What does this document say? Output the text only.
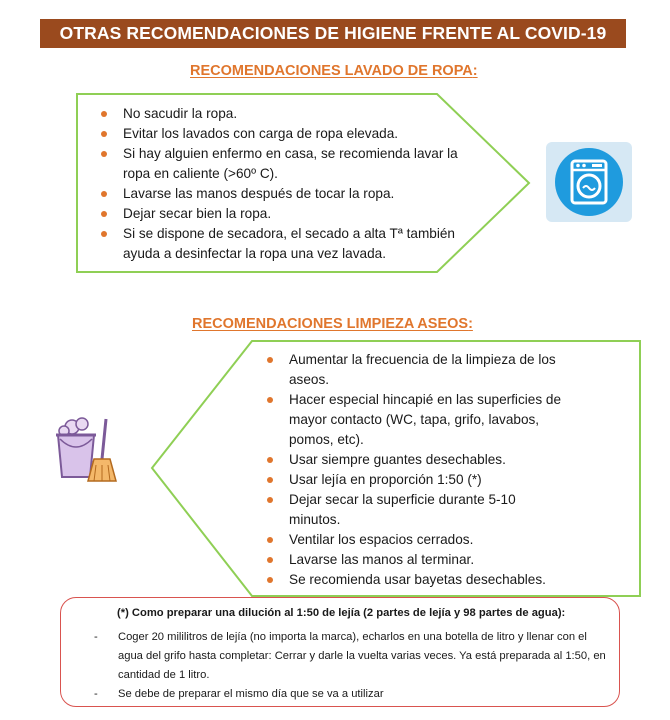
OTRAS RECOMENDACIONES DE HIGIENE FRENTE AL COVID-19
RECOMENDACIONES LAVADO DE ROPA:
No sacudir la ropa.
Evitar los lavados con carga de ropa elevada.
Si hay alguien enfermo en casa, se recomienda lavar la ropa en caliente (>60º C).
Lavarse las manos después de tocar la ropa.
Dejar secar bien la ropa.
Si se dispone de secadora, el secado a alta Tª también ayuda a desinfectar la ropa una vez lavada.
RECOMENDACIONES LIMPIEZA ASEOS:
Aumentar la frecuencia de la limpieza de los aseos.
Hacer especial hincapié en las superficies de mayor contacto (WC, tapa, grifo, lavabos, pomos, etc).
Usar siempre guantes desechables.
Usar lejía en proporción 1:50 (*)
Dejar secar la superficie durante 5-10 minutos.
Ventilar los espacios cerrados.
Lavarse las manos al terminar.
Se recomienda usar bayetas desechables.
(*) Como preparar una dilución al 1:50 de lejía (2 partes de lejía y 98 partes de agua):
-	Coger 20 mililitros de lejía (no importa la marca), echarlos en una botella de litro y llenar con el agua del grifo hasta completar: Cerrar y darle la vuelta varias veces. Ya está preparada al 1:50, en cantidad de 1 litro.
-	Se debe de preparar el mismo día que se va a utilizar
